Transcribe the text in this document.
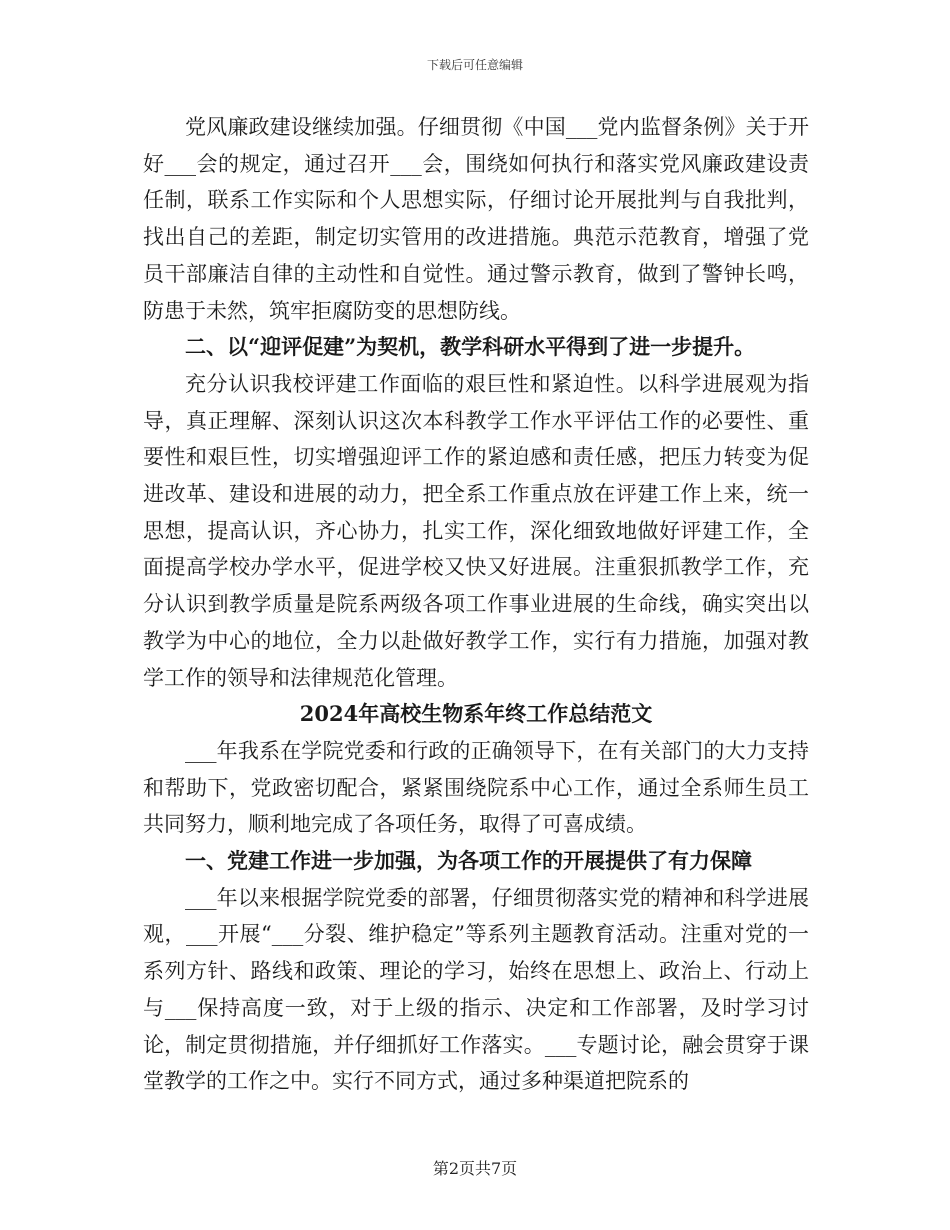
下载后可任意编辑

党风廉政建设继续加强。仔细贯彻《中国___党内监督条例》关于开好___会的规定，通过召开___会，围绕如何执行和落实党风廉政建设责任制，联系工作实际和个人思想实际，仔细讨论开展批判与自我批判，找出自己的差距，制定切实管用的改进措施。典范示范教育，增强了党员干部廉洁自律的主动性和自觉性。通过警示教育，做到了警钟长鸣，防患于未然，筑牢拒腐防变的思想防线。

二、以“迎评促建”为契机，教学科研水平得到了进一步提升。

充分认识我校评建工作面临的艰巨性和紧迫性。以科学进展观为指导，真正理解、深刻认识这次本科教学工作水平评估工作的必要性、重要性和艰巨性，切实增强迎评工作的紧迫感和责任感，把压力转变为促进改革、建设和进展的动力，把全系工作重点放在评建工作上来，统一思想，提高认识，齐心协力，扎实工作，深化细致地做好评建工作，全面提高学校办学水平，促进学校又快又好进展。注重狠抓教学工作，充分认识到教学质量是院系两级各项工作事业进展的生命线，确实突出以教学为中心的地位，全力以赴做好教学工作，实行有力措施，加强对教学工作的领导和法律规范化管理。

2024年高校生物系年终工作总结范文

___年我系在学院党委和行政的正确领导下，在有关部门的大力支持和帮助下，党政密切配合，紧紧围绕院系中心工作，通过全系师生员工共同努力，顺利地完成了各项任务，取得了可喜成绩。

一、党建工作进一步加强，为各项工作的开展提供了有力保障

___年以来根据学院党委的部署，仔细贯彻落实党的精神和科学进展观，___开展“___分裂、维护稳定”等系列主题教育活动。注重对党的一系列方针、路线和政策、理论的学习，始终在思想上、政治上、行动上与___保持高度一致，对于上级的指示、决定和工作部署，及时学习讨论，制定贯彻措施，并仔细抓好工作落实。___专题讨论，融会贯穿于课堂教学的工作之中。实行不同方式，通过多种渠道把院系的

第2页共7页
